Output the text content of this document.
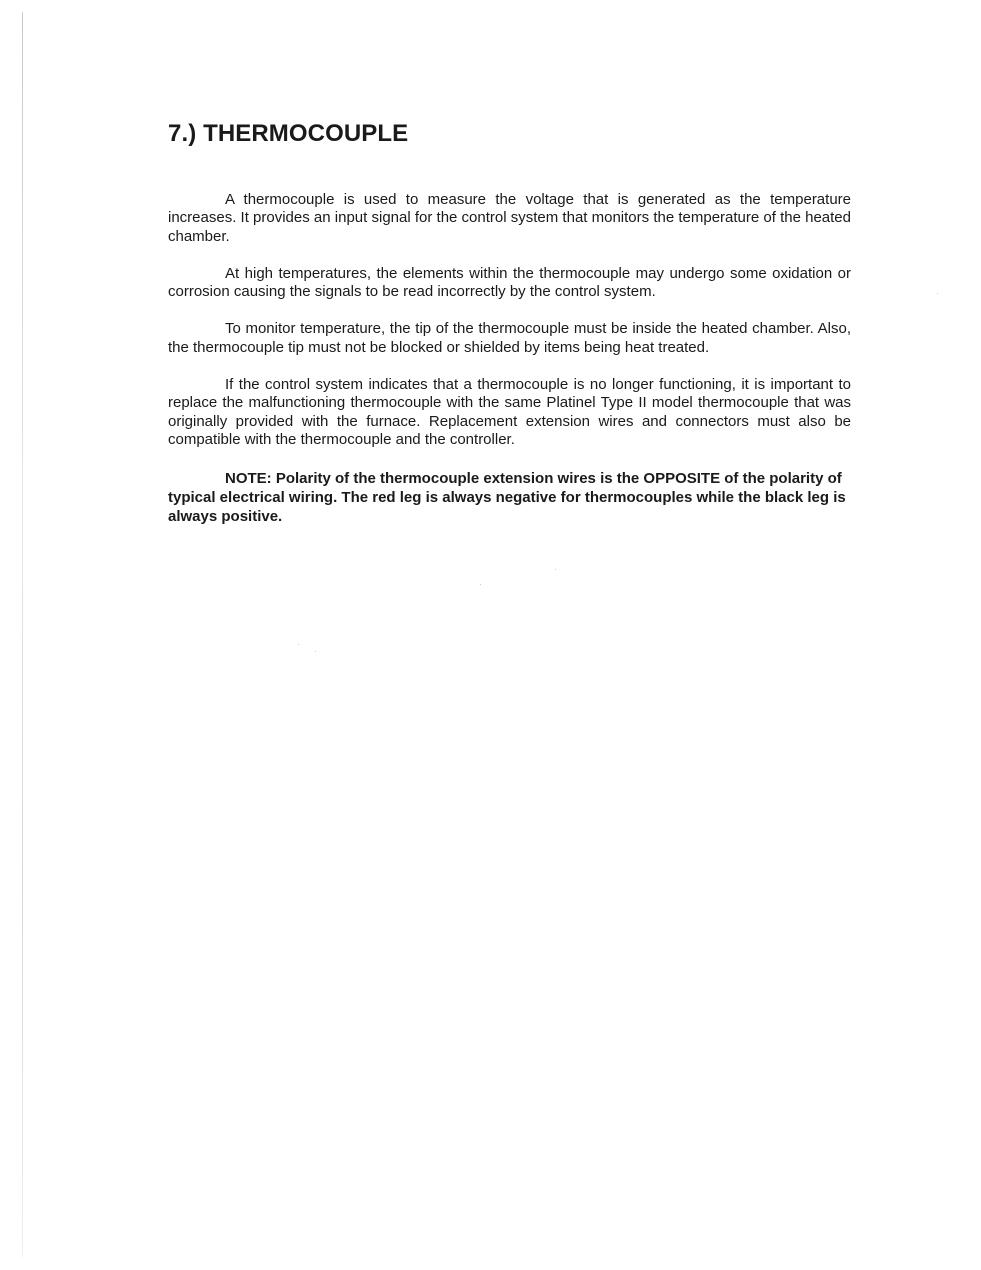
7.) THERMOCOUPLE

A thermocouple is used to measure the voltage that is generated as the temperature increases. It provides an input signal for the control system that monitors the temperature of the heated chamber.

At high temperatures, the elements within the thermocouple may undergo some oxidation or corrosion causing the signals to be read incorrectly by the control system.

To monitor temperature, the tip of the thermocouple must be inside the heated chamber. Also, the thermocouple tip must not be blocked or shielded by items being heat treated.

If the control system indicates that a thermocouple is no longer functioning, it is important to replace the malfunctioning thermocouple with the same Platinel Type II model thermocouple that was originally provided with the furnace. Replacement extension wires and connectors must also be compatible with the thermocouple and the controller.

NOTE: Polarity of the thermocouple extension wires is the OPPOSITE of the polarity of typical electrical wiring. The red leg is always negative for thermocouples while the black leg is always positive.
